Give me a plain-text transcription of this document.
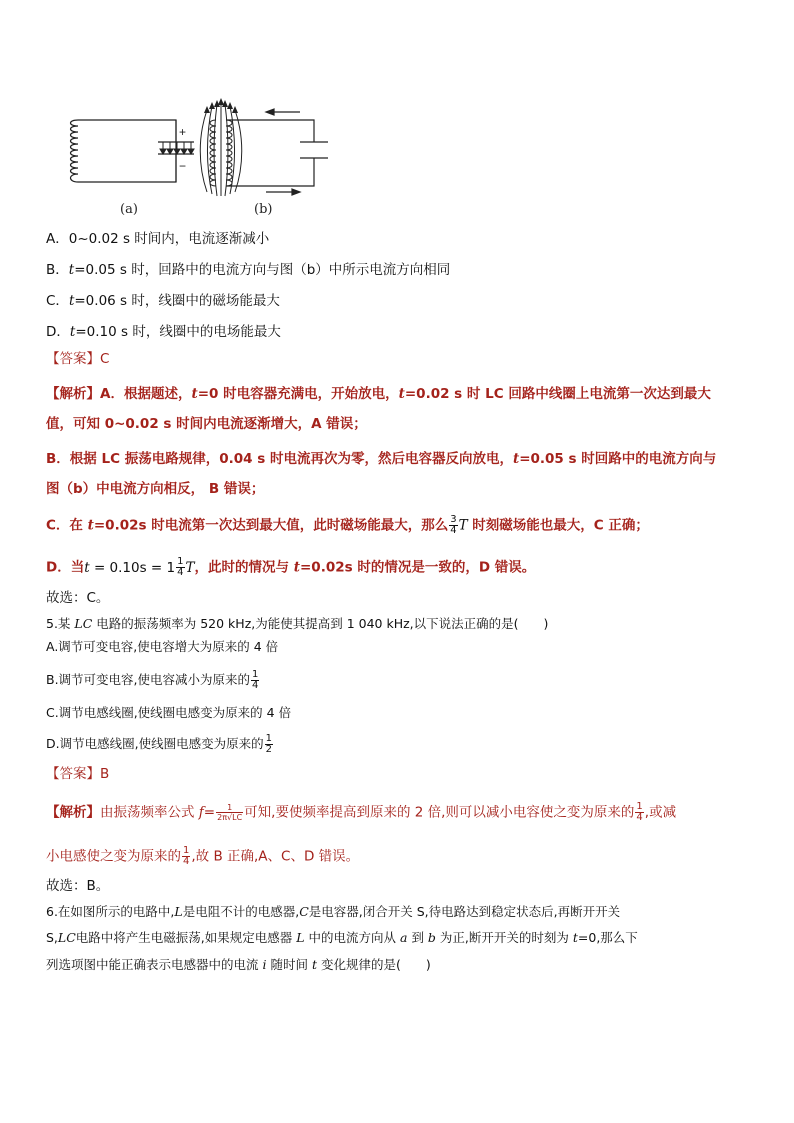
+
−
(a)	(b)
A．0~0.02 s 时间内，电流逐渐减小
B．t=0.05 s 时，回路中的电流方向与图（b）中所示电流方向相同
C．t=0.06 s 时，线圈中的磁场能最大
D．t=0.10 s 时，线圈中的电场能最大
【答案】C
【解析】A．根据题述，t=0 时电容器充满电，开始放电，t=0.02 s 时 LC 回路中线圈上电流第一次达到最大
值，可知 0~0.02 s 时间内电流逐渐增大，A 错误；
B．根据 LC 振荡电路规律，0.04 s 时电流再次为零，然后电容器反向放电，t=0.05 s 时回路中的电流方向与
图（b）中电流方向相反， B 错误；
C．在 t=0.02s 时电流第一次达到最大值，此时磁场能最大，那么 $\frac{3}{4}$ T 时刻磁场能也最大，C 正确；
D．当$t = 0.10s = 1 \frac{1}{4}$ T，此时的情况与 t=0.02s 时的情况是一致的，D 错误。
故选：C。
5.某 LC 电路的振荡频率为 520 kHz,为能使其提高到 1 040 kHz,以下说法正确的是(　　)
A.调节可变电容,使电容增大为原来的 4 倍
B.调节可变电容,使电容减小为原来的 $\frac{1}{4}$
C.调节电感线圈,使线圈电感变为原来的 4 倍
D.调节电感线圈,使线圈电感变为原来的 $\frac{1}{2}$
【答案】B
【解析】由振荡频率公式 $f= \frac{1}{2\pi√LC}$ 可知,要使频率提高到原来的 2 倍,则可以减小电容使之变为原来的 $\frac{1}{4}$ ,或减
小电感使之变为原来的 $\frac{1}{4}$ ,故 B 正确,A、C、D 错误。
故选：B。
6.在如图所示的电路中,L是电阻不计的电感器,C是电容器,闭合开关 S,待电路达到稳定状态后,再断开开关
S,LC电路中将产生电磁振荡,如果规定电感器 L 中的电流方向从 a 到 b 为正,断开开关的时刻为 t=0,那么下
列选项图中能正确表示电感器中的电流 i 随时间 t 变化规律的是(　　)
